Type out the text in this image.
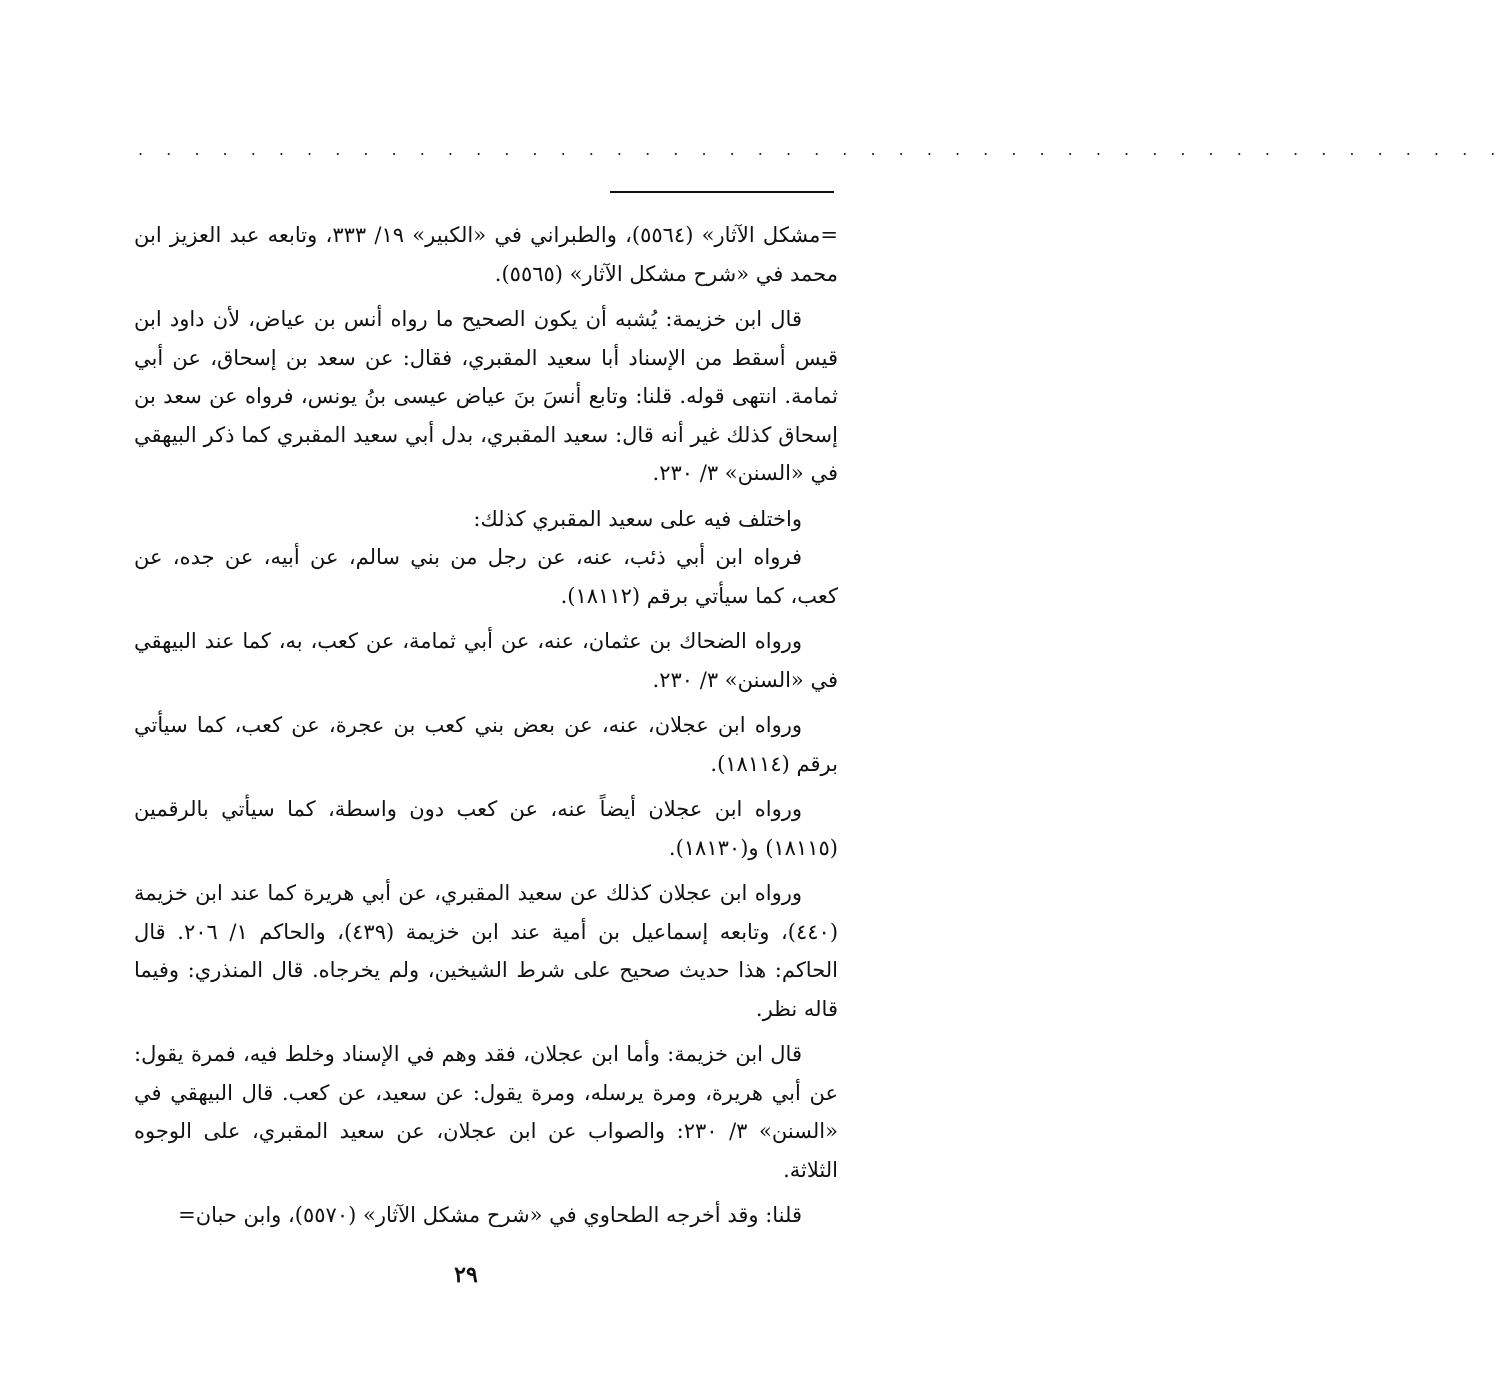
. . . . . . . . . . . . . . . . . . . . . . . . . . . . . . . . . . . . . . . . . . . . . . . . .

=مشكل الآثار» (٥٥٦٤)، والطبراني في «الكبير» ١٩/ ٣٣٣، وتابعه عبد العزيز ابن محمد في «شرح مشكل الآثار» (٥٥٦٥).

قال ابن خزيمة: يُشبه أن يكون الصحيح ما رواه أنس بن عياض، لأن داود ابن قيس أسقط من الإسناد أبا سعيد المقبري، فقال: عن سعد بن إسحاق، عن أبي ثمامة. انتهى قوله. قلنا: وتابع أنسَ بنَ عياض عيسى بنُ يونس، فرواه عن سعد بن إسحاق كذلك غير أنه قال: سعيد المقبري، بدل أبي سعيد المقبري كما ذكر البيهقي في «السنن» ٣/ ٢٣٠.

واختلف فيه على سعيد المقبري كذلك:

فرواه ابن أبي ذئب، عنه، عن رجل من بني سالم، عن أبيه، عن جده، عن كعب، كما سيأتي برقم (١٨١١٢).

ورواه الضحاك بن عثمان، عنه، عن أبي ثمامة، عن كعب، به، كما عند البيهقي في «السنن» ٣/ ٢٣٠.

ورواه ابن عجلان، عنه، عن بعض بني كعب بن عجرة، عن كعب، كما سيأتي برقم (١٨١١٤).

ورواه ابن عجلان أيضاً عنه، عن كعب دون واسطة، كما سيأتي بالرقمين (١٨١١٥) و(١٨١٣٠).

ورواه ابن عجلان كذلك عن سعيد المقبري، عن أبي هريرة كما عند ابن خزيمة (٤٤٠)، وتابعه إسماعيل بن أمية عند ابن خزيمة (٤٣٩)، والحاكم ١/ ٢٠٦. قال الحاكم: هذا حديث صحيح على شرط الشيخين، ولم يخرجاه. قال المنذري: وفيما قاله نظر.

قال ابن خزيمة: وأما ابن عجلان، فقد وهم في الإسناد وخلط فيه، فمرة يقول: عن أبي هريرة، ومرة يرسله، ومرة يقول: عن سعيد، عن كعب. قال البيهقي في «السنن» ٣/ ٢٣٠: والصواب عن ابن عجلان، عن سعيد المقبري، على الوجوه الثلاثة.

قلنا: وقد أخرجه الطحاوي في «شرح مشكل الآثار» (٥٥٧٠)، وابن حبان=

٢٩
